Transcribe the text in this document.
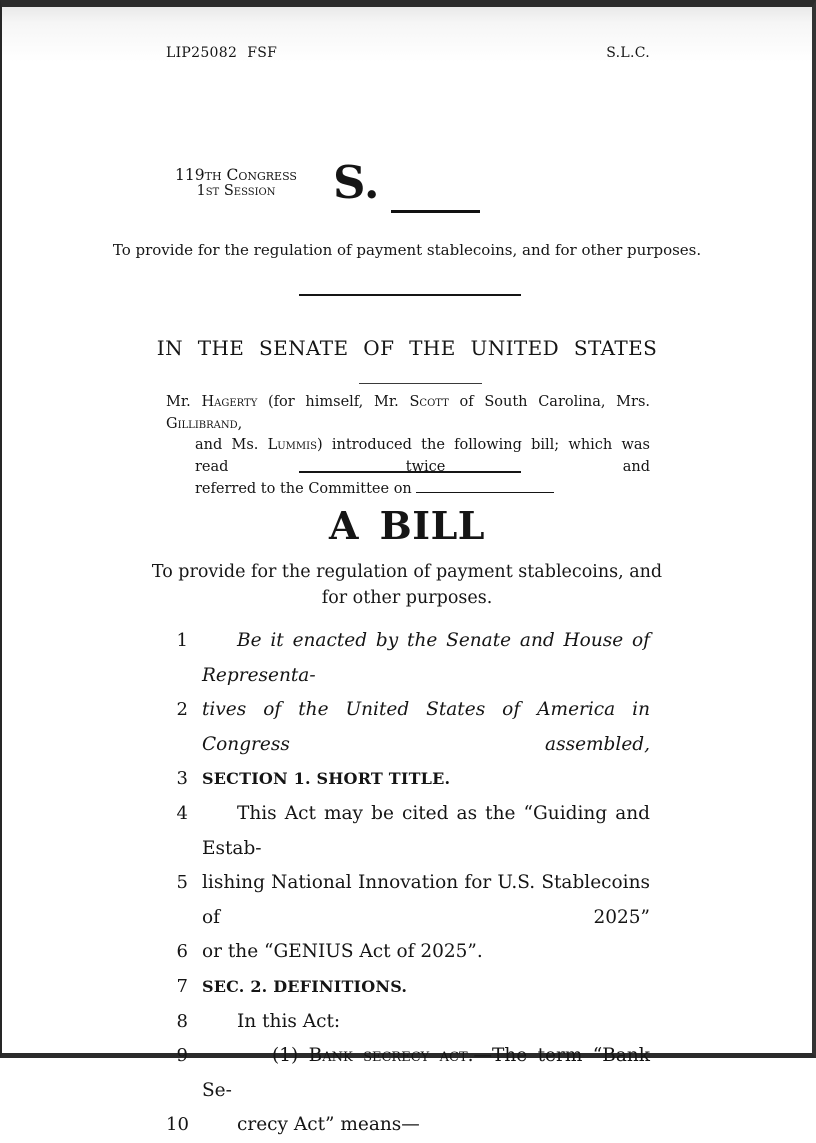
LIP25082 FSF	S.L.C.
119th Congress
1st Session	S.
To provide for the regulation of payment stablecoins, and for other purposes.
IN THE SENATE OF THE UNITED STATES
Mr. Hagerty (for himself, Mr. Scott of South Carolina, Mrs. Gillibrand,
and Ms. Lummis) introduced the following bill; which was read twice and
referred to the Committee on
A BILL
To provide for the regulation of payment stablecoins, and
for other purposes.
1	Be it enacted by the Senate and House of Representa-
2 tives of the United States of America in Congress assembled,
3 SECTION 1. SHORT TITLE.
4	This Act may be cited as the “Guiding and Estab-
5 lishing National Innovation for U.S. Stablecoins of 2025”
6 or the “GENIUS Act of 2025”.
7 SEC. 2. DEFINITIONS.
8	In this Act:
9	(1) Bank secrecy act.—The term “Bank Se-
10	crecy Act” means—
